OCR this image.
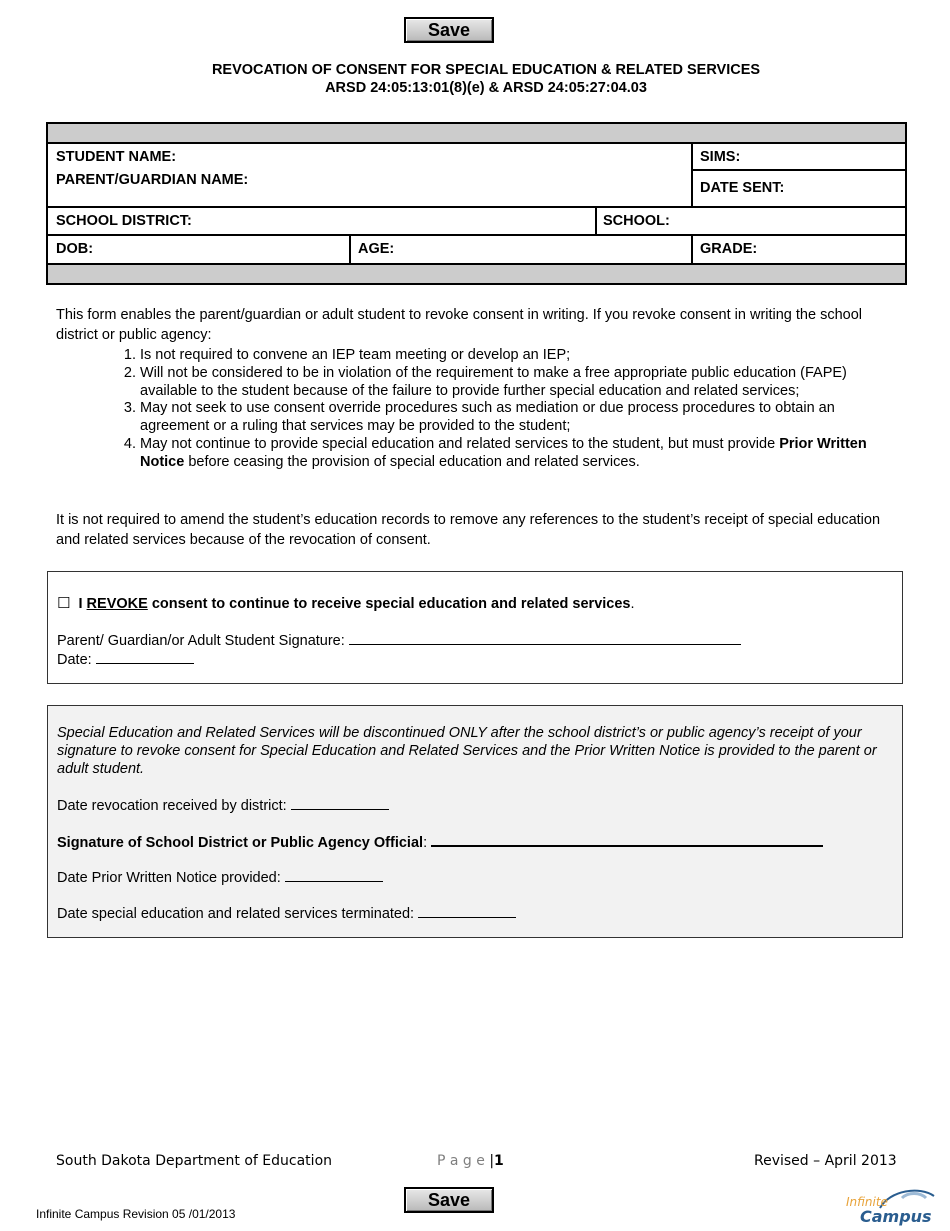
Save
REVOCATION OF CONSENT FOR SPECIAL EDUCATION & RELATED SERVICES
ARSD 24:05:13:01(8)(e) & ARSD 24:05:27:04.03
STUDENT NAME:	SIMS:
PARENT/GUARDIAN NAME:	DATE SENT:
SCHOOL DISTRICT:	SCHOOL:
DOB:	AGE:	GRADE:
This form enables the parent/guardian or adult student to revoke consent in writing. If you revoke consent in writing the school district or public agency:
1. Is not required to convene an IEP team meeting or develop an IEP;
2. Will not be considered to be in violation of the requirement to make a free appropriate public education (FAPE) available to the student because of the failure to provide further special education and related services;
3. May not seek to use consent override procedures such as mediation or due process procedures to obtain an agreement or a ruling that services may be provided to the student;
4. May not continue to provide special education and related services to the student, but must provide Prior Written Notice before ceasing the provision of special education and related services.
It is not required to amend the student’s education records to remove any references to the student’s receipt of special education and related services because of the revocation of consent.
☐ I REVOKE consent to continue to receive special education and related services.
Parent/ Guardian/or Adult Student Signature:
Date:
Special Education and Related Services will be discontinued ONLY after the school district’s or public agency’s receipt of your signature to revoke consent for Special Education and Related Services and the Prior Written Notice is provided to the parent or adult student.
Date revocation received by district:
Signature of School District or Public Agency Official:
Date Prior Written Notice provided:
Date special education and related services terminated:
South Dakota Department of Education	P a g e |1	Revised – April 2013
Save
Infinite Campus Revision 05 /01/2013
Infinite
Campus
